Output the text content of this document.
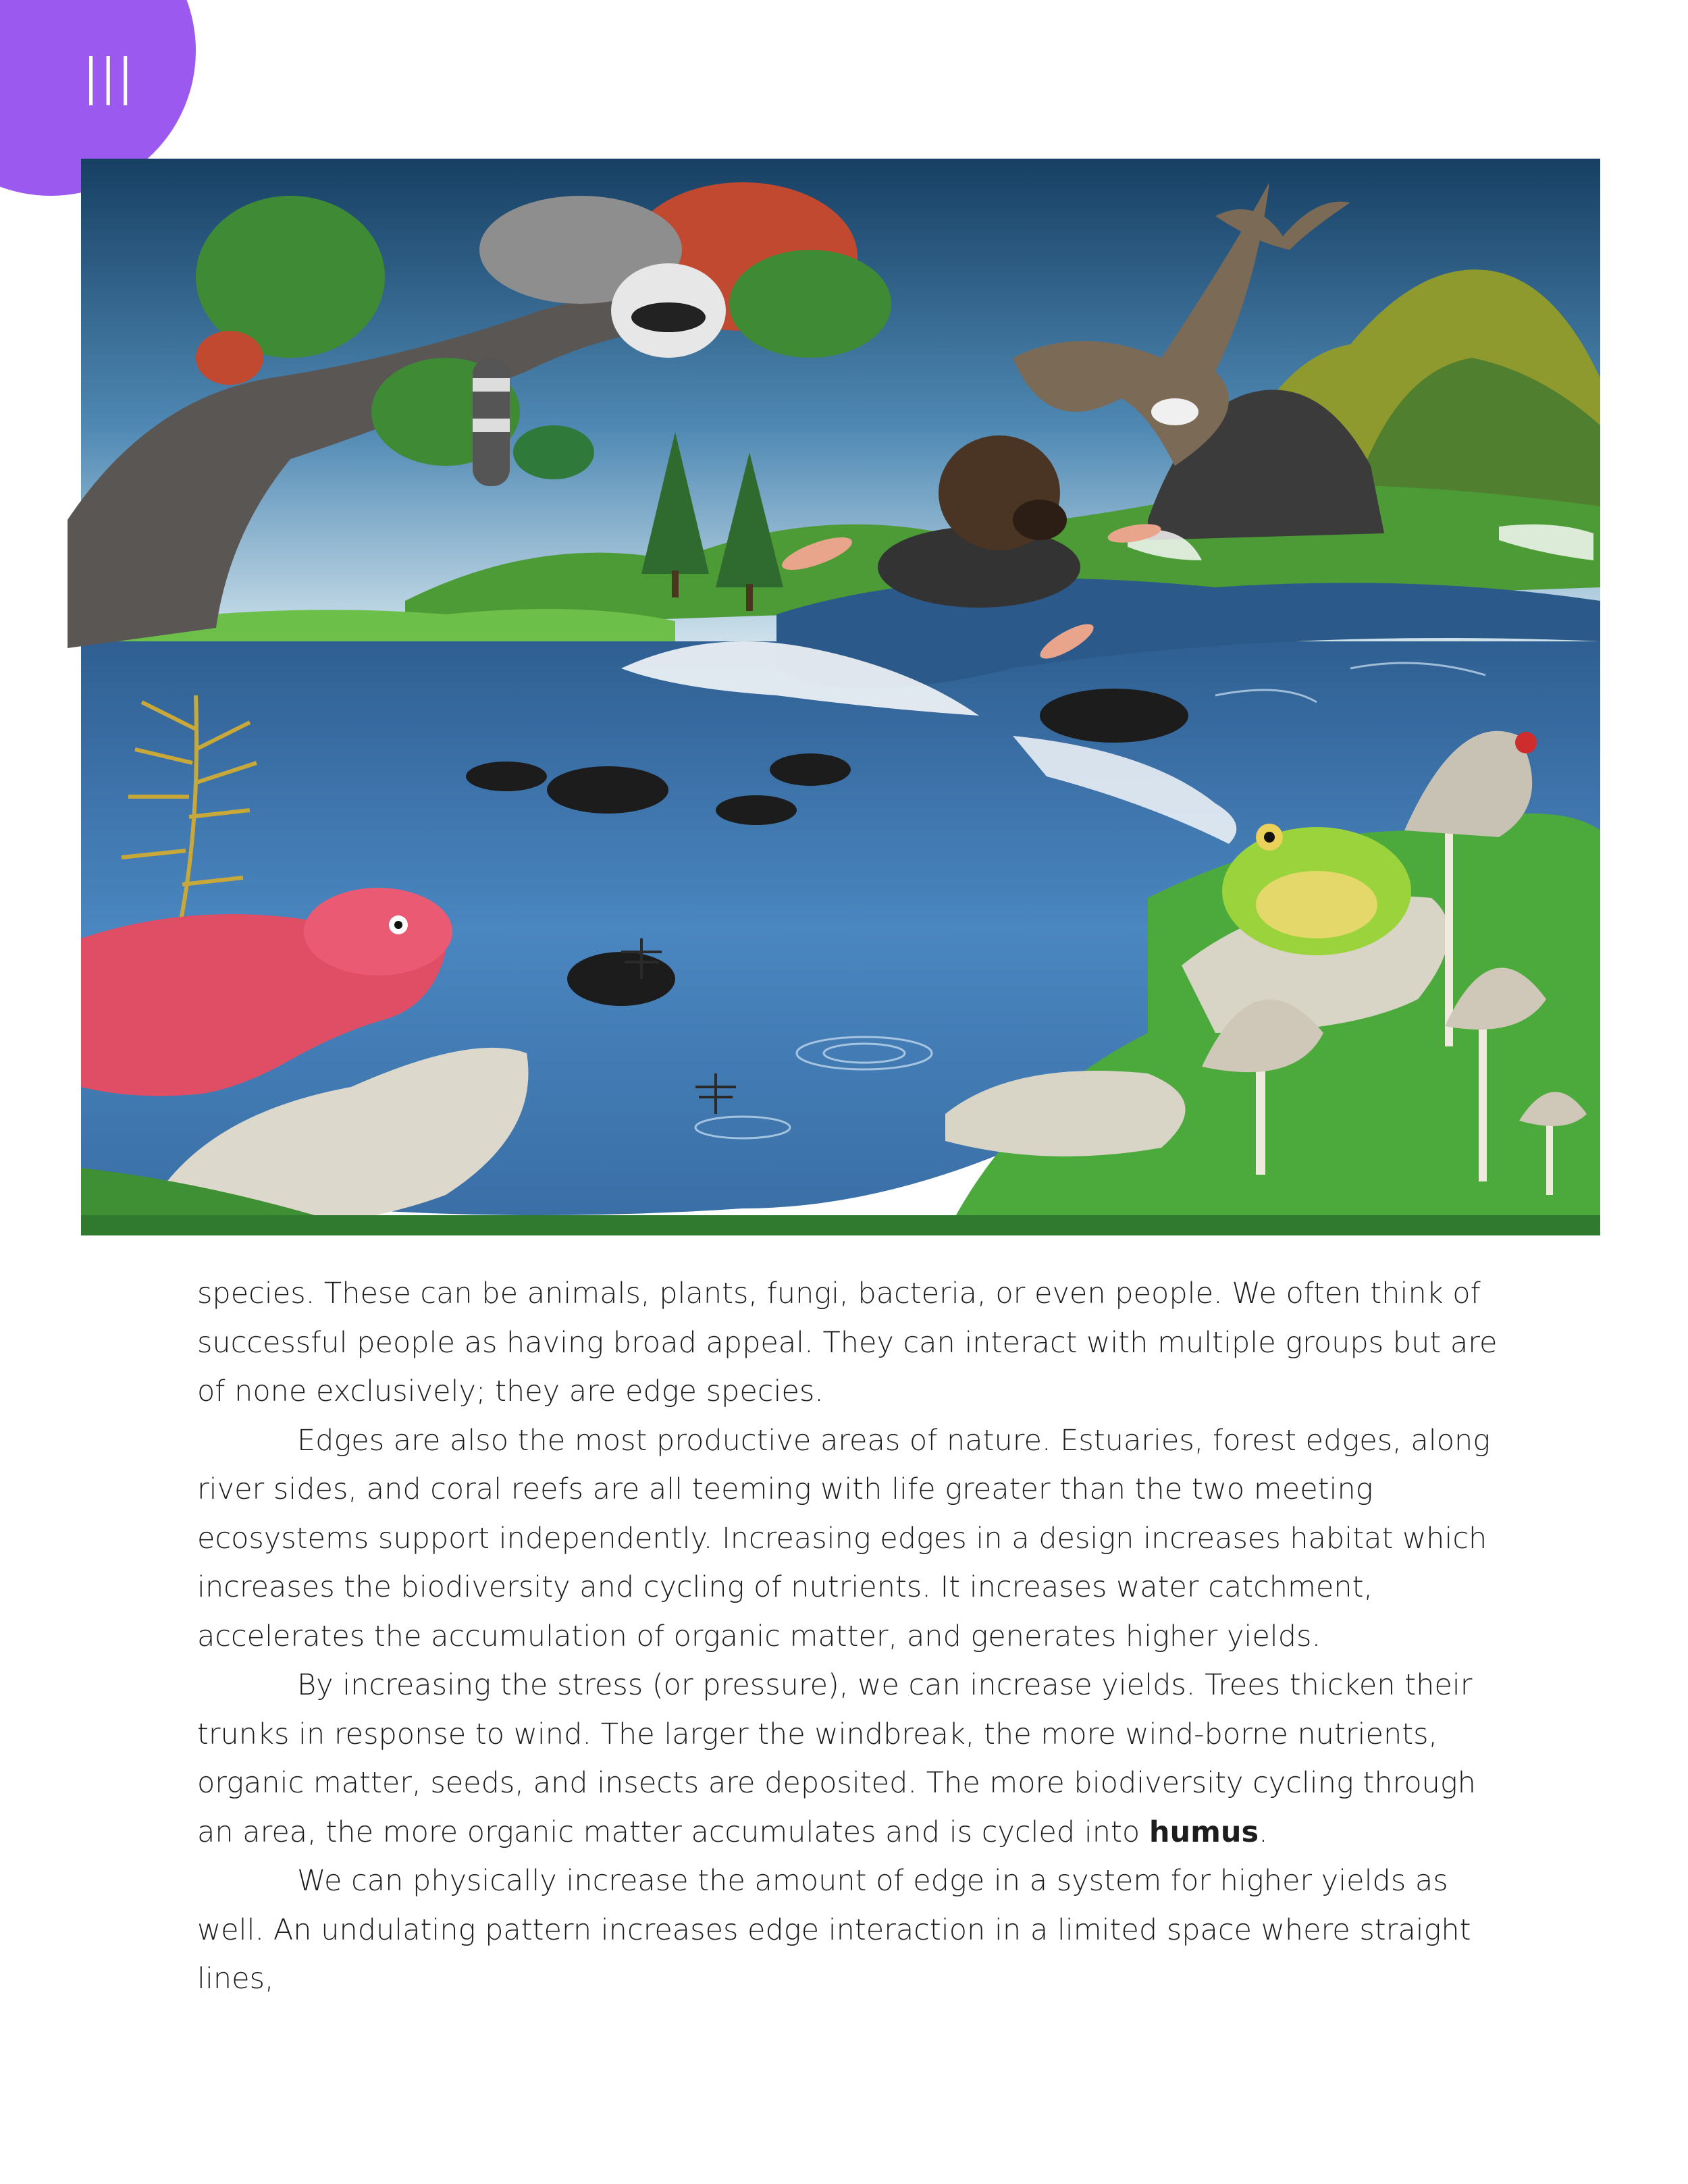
III

species. These can be animals, plants, fungi, bacteria, or even people. We often think of successful people as having broad appeal. They can interact with multiple groups but are of none exclusively; they are edge species.

Edges are also the most productive areas of nature. Estuaries, forest edges, along river sides, and coral reefs are all teeming with life greater than the two meeting ecosystems support independently. Increasing edges in a design increases habitat which increases the biodiversity and cycling of nutrients. It increases water catchment, accelerates the accumulation of organic matter, and generates higher yields.

By increasing the stress (or pressure), we can increase yields. Trees thicken their trunks in response to wind. The larger the windbreak, the more wind-borne nutrients, organic matter, seeds, and insects are deposited. The more biodiversity cycling through an area, the more organic matter accumulates and is cycled into humus.

We can physically increase the amount of edge in a system for higher yields as well. An undulating pattern increases edge interaction in a limited space where straight lines,
